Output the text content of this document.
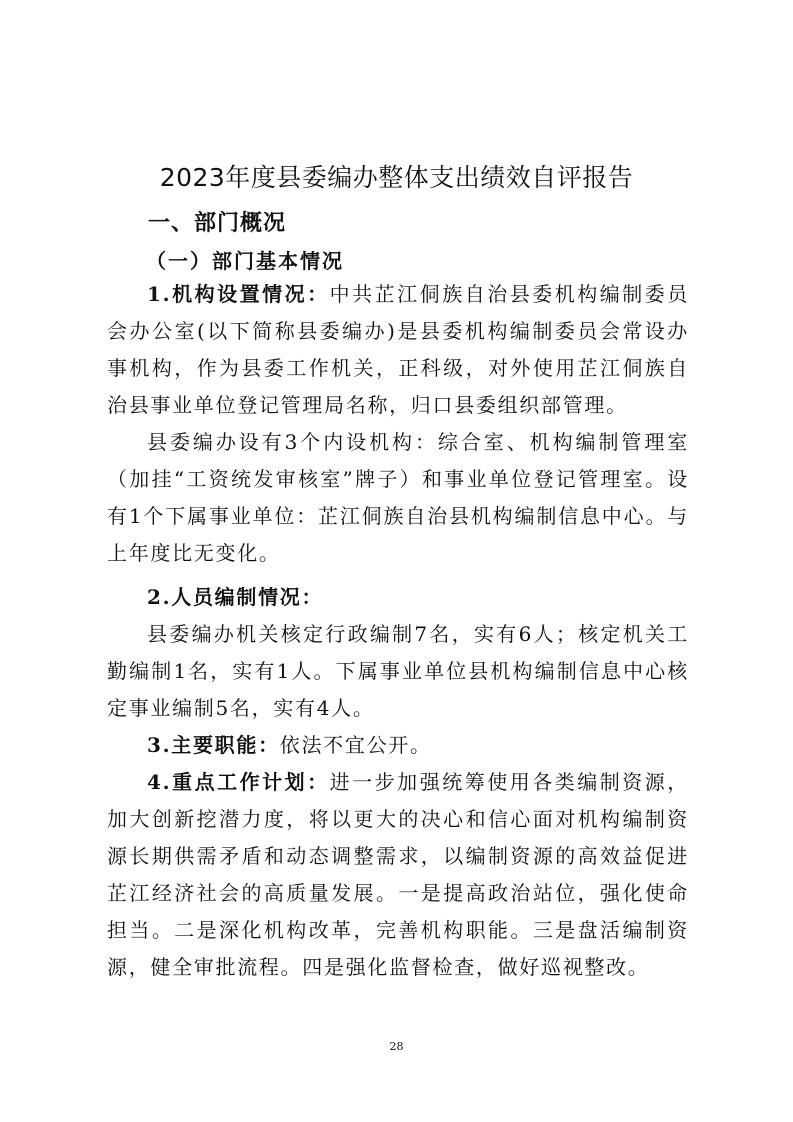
2023年度县委编办整体支出绩效自评报告
一、部门概况
（一）部门基本情况

1.机构设置情况：中共芷江侗族自治县委机构编制委员会办公室(以下简称县委编办)是县委机构编制委员会常设办事机构，作为县委工作机关，正科级，对外使用芷江侗族自治县事业单位登记管理局名称，归口县委组织部管理。

县委编办设有3个内设机构：综合室、机构编制管理室（加挂“工资统发审核室”牌子）和事业单位登记管理室。设有1个下属事业单位：芷江侗族自治县机构编制信息中心。与上年度比无变化。

2.人员编制情况：

县委编办机关核定行政编制7名，实有6人；核定机关工勤编制1名，实有1人。下属事业单位县机构编制信息中心核定事业编制5名，实有4人。

3.主要职能：依法不宜公开。

4.重点工作计划：进一步加强统筹使用各类编制资源，加大创新挖潜力度，将以更大的决心和信心面对机构编制资源长期供需矛盾和动态调整需求，以编制资源的高效益促进芷江经济社会的高质量发展。一是提高政治站位，强化使命担当。二是深化机构改革，完善机构职能。三是盘活编制资源，健全审批流程。四是强化监督检查，做好巡视整改。

28
